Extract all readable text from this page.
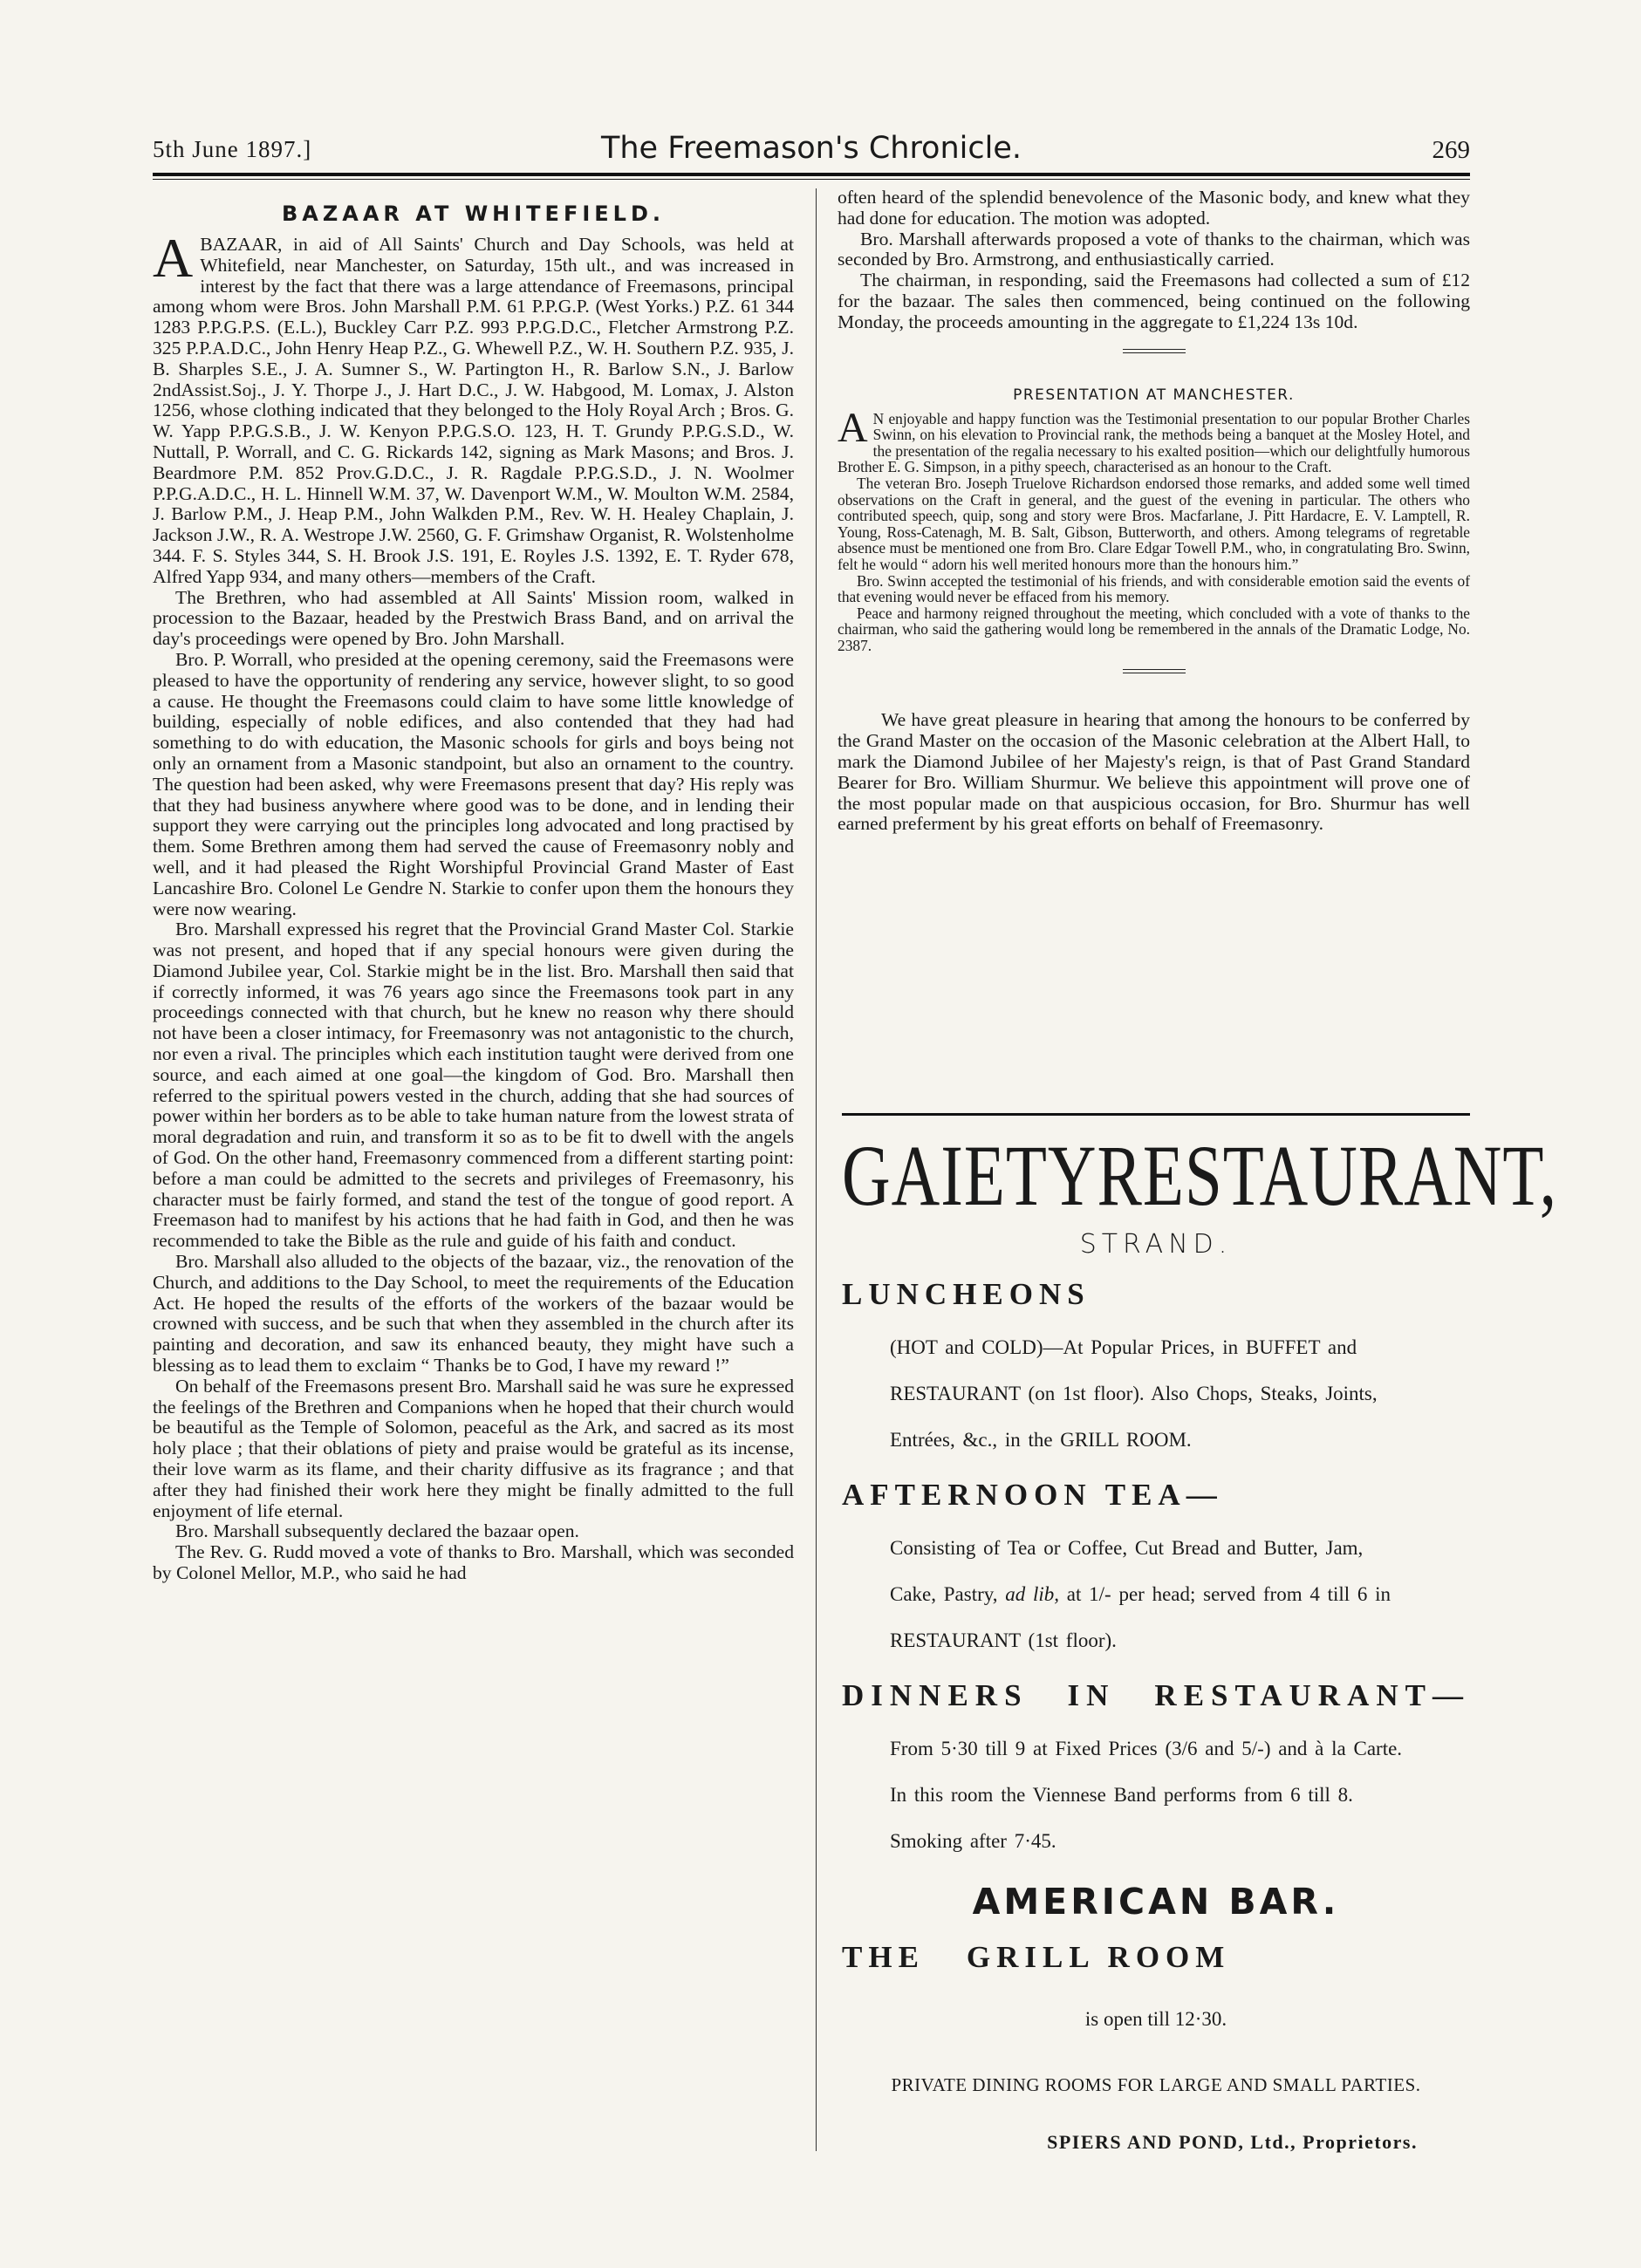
5th June 1897.]	The Freemason's Chronicle.	269
BAZAAR AT WHITEFIELD.

ABAZAAR, in aid of All Saints' Church and Day Schools, was held at Whitefield, near Manchester, on Saturday, 15th ult., and was increased in interest by the fact that there was a large attendance of Freemasons, principal among whom were Bros. John Marshall P.M. 61 P.P.G.P. (West Yorks.) P.Z. 61 344 1283 P.P.G.P.S. (E.L.), Buckley Carr P.Z. 993 P.P.G.D.C., Fletcher Armstrong P.Z. 325 P.P.A.D.C., John Henry Heap P.Z., G. Whewell P.Z., W. H. Southern P.Z. 935, J. B. Sharples S.E., J. A. Sumner S., W. Partington H., R. Barlow S.N., J. Barlow 2ndAssist.Soj., J. Y. Thorpe J., J. Hart D.C., J. W. Habgood, M. Lomax, J. Alston 1256, whose clothing indicated that they belonged to the Holy Royal Arch ; Bros. G. W. Yapp P.P.G.S.B., J. W. Kenyon P.P.G.S.O. 123, H. T. Grundy P.P.G.S.D., W. Nuttall, P. Worrall, and C. G. Rickards 142, signing as Mark Masons; and Bros. J. Beardmore P.M. 852 Prov.G.D.C., J. R. Ragdale P.P.G.S.D., J. N. Woolmer P.P.G.A.D.C., H. L. Hinnell W.M. 37, W. Davenport W.M., W. Moulton W.M. 2584, J. Barlow P.M., J. Heap P.M., John Walkden P.M., Rev. W. H. Healey Chaplain, J. Jackson J.W., R. A. Westrope J.W. 2560, G. F. Grimshaw Organist, R. Wolstenholme 344. F. S. Styles 344, S. H. Brook J.S. 191, E. Royles J.S. 1392, E. T. Ryder 678, Alfred Yapp 934, and many others—members of the Craft.

The Brethren, who had assembled at All Saints' Mission room, walked in procession to the Bazaar, headed by the Prestwich Brass Band, and on arrival the day's proceedings were opened by Bro. John Marshall.

Bro. P. Worrall, who presided at the opening ceremony, said the Freemasons were pleased to have the opportunity of rendering any service, however slight, to so good a cause. He thought the Freemasons could claim to have some little knowledge of building, especially of noble edifices, and also contended that they had had something to do with education, the Masonic schools for girls and boys being not only an ornament from a Masonic standpoint, but also an ornament to the country. The question had been asked, why were Freemasons present that day? His reply was that they had business anywhere where good was to be done, and in lending their support they were carrying out the principles long advocated and long practised by them. Some Brethren among them had served the cause of Freemasonry nobly and well, and it had pleased the Right Worshipful Provincial Grand Master of East Lancashire Bro. Colonel Le Gendre N. Starkie to confer upon them the honours they were now wearing.

Bro. Marshall expressed his regret that the Provincial Grand Master Col. Starkie was not present, and hoped that if any special honours were given during the Diamond Jubilee year, Col. Starkie might be in the list. Bro. Marshall then said that if correctly informed, it was 76 years ago since the Freemasons took part in any proceedings connected with that church, but he knew no reason why there should not have been a closer intimacy, for Freemasonry was not antagonistic to the church, nor even a rival. The principles which each institution taught were derived from one source, and each aimed at one goal—the kingdom of God. Bro. Marshall then referred to the spiritual powers vested in the church, adding that she had sources of power within her borders as to be able to take human nature from the lowest strata of moral degradation and ruin, and transform it so as to be fit to dwell with the angels of God. On the other hand, Freemasonry commenced from a different starting point: before a man could be admitted to the secrets and privileges of Freemasonry, his character must be fairly formed, and stand the test of the tongue of good report. A Freemason had to manifest by his actions that he had faith in God, and then he was recommended to take the Bible as the rule and guide of his faith and conduct.

Bro. Marshall also alluded to the objects of the bazaar, viz., the renovation of the Church, and additions to the Day School, to meet the requirements of the Education Act. He hoped the results of the efforts of the workers of the bazaar would be crowned with success, and be such that when they assembled in the church after its painting and decoration, and saw its enhanced beauty, they might have such a blessing as to lead them to exclaim “ Thanks be to God, I have my reward !”

On behalf of the Freemasons present Bro. Marshall said he was sure he expressed the feelings of the Brethren and Companions when he hoped that their church would be beautiful as the Temple of Solomon, peaceful as the Ark, and sacred as its most holy place ; that their oblations of piety and praise would be grateful as its incense, their love warm as its flame, and their charity diffusive as its fragrance ; and that after they had finished their work here they might be finally admitted to the full enjoyment of life eternal.

Bro. Marshall subsequently declared the bazaar open.

The Rev. G. Rudd moved a vote of thanks to Bro. Marshall, which was seconded by Colonel Mellor, M.P., who said he had

often heard of the splendid benevolence of the Masonic body, and knew what they had done for education. The motion was adopted.

Bro. Marshall afterwards proposed a vote of thanks to the chairman, which was seconded by Bro. Armstrong, and enthusiastically carried.

The chairman, in responding, said the Freemasons had collected a sum of £12 for the bazaar. The sales then commenced, being continued on the following Monday, the proceeds amounting in the aggregate to £1,224 13s 10d.

PRESENTATION AT MANCHESTER.

A N enjoyable and happy function was the Testimonial presentation to our popular Brother Charles Swinn, on his elevation to Provincial rank, the methods being a banquet at the Mosley Hotel, and the presentation of the regalia necessary to his exalted position—which our delightfully humorous Brother E. G. Simpson, in a pithy speech, characterised as an honour to the Craft.

The veteran Bro. Joseph Truelove Richardson endorsed those remarks, and added some well timed observations on the Craft in general, and the guest of the evening in particular. The others who contributed speech, quip, song and story were Bros. Macfarlane, J. Pitt Hardacre, E. V. Lamptell, R. Young, Ross-Catenagh, M. B. Salt, Gibson, Butterworth, and others. Among telegrams of regretable absence must be mentioned one from Bro. Clare Edgar Towell P.M., who, in congratulating Bro. Swinn, felt he would “ adorn his well merited honours more than the honours him.”

Bro. Swinn accepted the testimonial of his friends, and with considerable emotion said the events of that evening would never be effaced from his memory.

Peace and harmony reigned throughout the meeting, which concluded with a vote of thanks to the chairman, who said the gathering would long be remembered in the annals of the Dramatic Lodge, No. 2387.

We have great pleasure in hearing that among the honours to be conferred by the Grand Master on the occasion of the Masonic celebration at the Albert Hall, to mark the Diamond Jubilee of her Majesty's reign, is that of Past Grand Standard Bearer for Bro. William Shurmur. We believe this appointment will prove one of the most popular made on that auspicious occasion, for Bro. Shurmur has well earned preferment by his great efforts on behalf of Freemasonry.

GAIETY RESTAURANT,
STRAND.
LUNCHEONS
(HOT and COLD)—At Popular Prices, in BUFFET and
RESTAURANT (on 1st floor). Also Chops, Steaks, Joints,
Entrées, &c., in the GRILL ROOM.
AFTERNOON TEA—
Consisting of Tea or Coffee, Cut Bread and Butter, Jam,
Cake, Pastry, ad lib, at 1/- per head; served from 4 till 6 in
RESTAURANT (1st floor).
DINNERS IN RESTAURANT—
From 5·30 till 9 at Fixed Prices (3/6 and 5/-) and à la Carte.
In this room the Viennese Band performs from 6 till 8.
Smoking after 7·45.
AMERICAN BAR.
THE GRILL ROOM
is open till 12·30.
PRIVATE DINING ROOMS FOR LARGE AND SMALL PARTIES.
SPIERS AND POND, Ltd., Proprietors.
